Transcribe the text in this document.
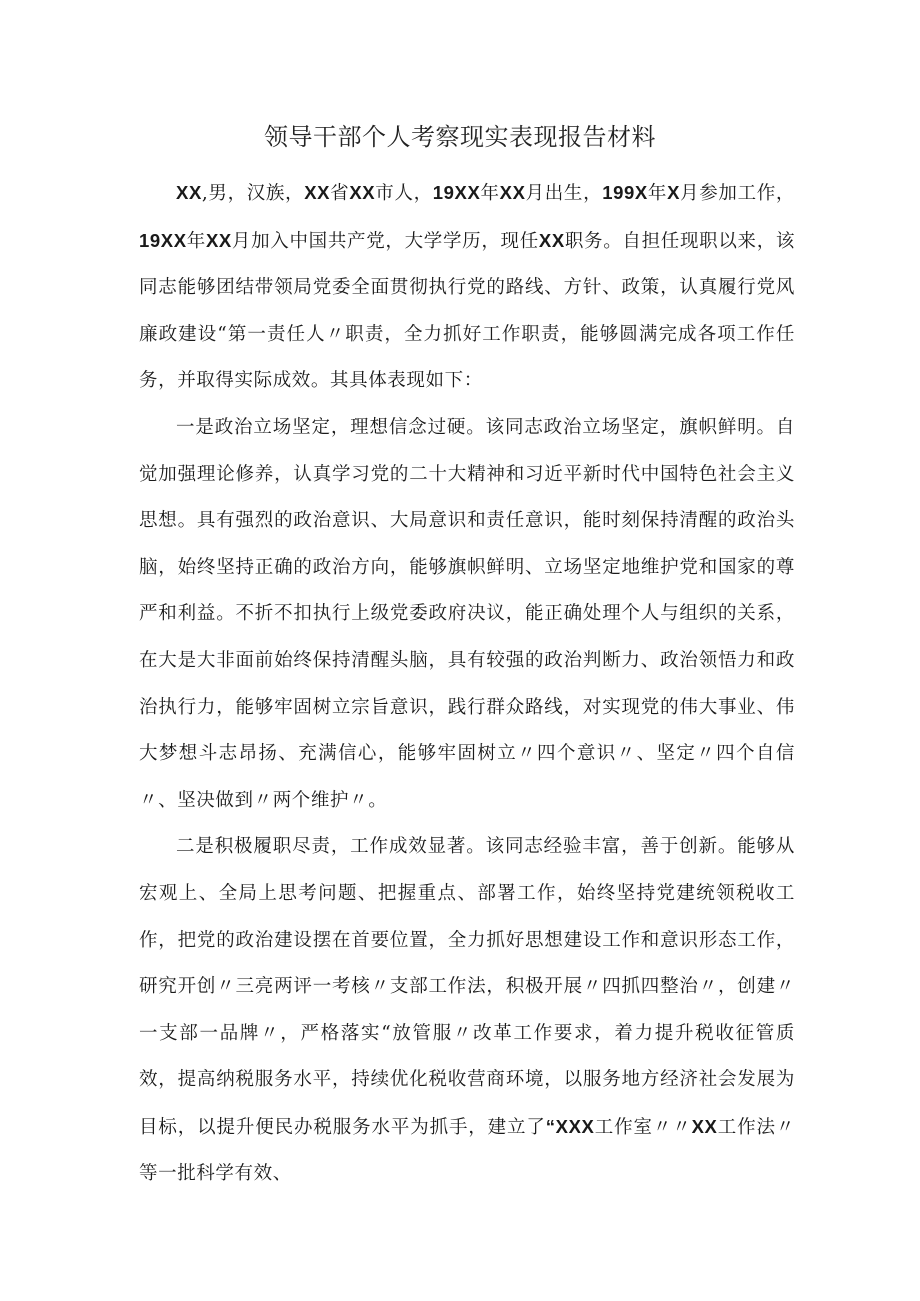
领导干部个人考察现实表现报告材料

XX,男，汉族，XX省XX市人，19XX年XX月出生，199X年X月参加工作，19XX年XX月加入中国共产党，大学学历，现任XX职务。自担任现职以来，该同志能够团结带领局党委全面贯彻执行党的路线、方针、政策，认真履行党风廉政建设“第一责任人〃职责，全力抓好工作职责，能够圆满完成各项工作任务，并取得实际成效。其具体表现如下：

一是政治立场坚定，理想信念过硬。该同志政治立场坚定，旗帜鲜明。自觉加强理论修养，认真学习党的二十大精神和习近平新时代中国特色社会主义思想。具有强烈的政治意识、大局意识和责任意识，能时刻保持清醒的政治头脑，始终坚持正确的政治方向，能够旗帜鲜明、立场坚定地维护党和国家的尊严和利益。不折不扣执行上级党委政府决议，能正确处理个人与组织的关系，在大是大非面前始终保持清醒头脑，具有较强的政治判断力、政治领悟力和政治执行力，能够牢固树立宗旨意识，践行群众路线，对实现党的伟大事业、伟大梦想斗志昂扬、充满信心，能够牢固树立〃四个意识〃、坚定〃四个自信〃、坚决做到〃两个维护〃。

二是积极履职尽责，工作成效显著。该同志经验丰富，善于创新。能够从宏观上、全局上思考问题、把握重点、部署工作，始终坚持党建统领税收工作，把党的政治建设摆在首要位置，全力抓好思想建设工作和意识形态工作，研究开创〃三亮两评一考核〃支部工作法，积极开展〃四抓四整治〃，创建〃一支部一品牌〃，严格落实“放管服〃改革工作要求，着力提升税收征管质效，提高纳税服务水平，持续优化税收营商环境，以服务地方经济社会发展为目标，以提升便民办税服务水平为抓手，建立了“XXX工作室〃〃XX工作法〃等一批科学有效、
